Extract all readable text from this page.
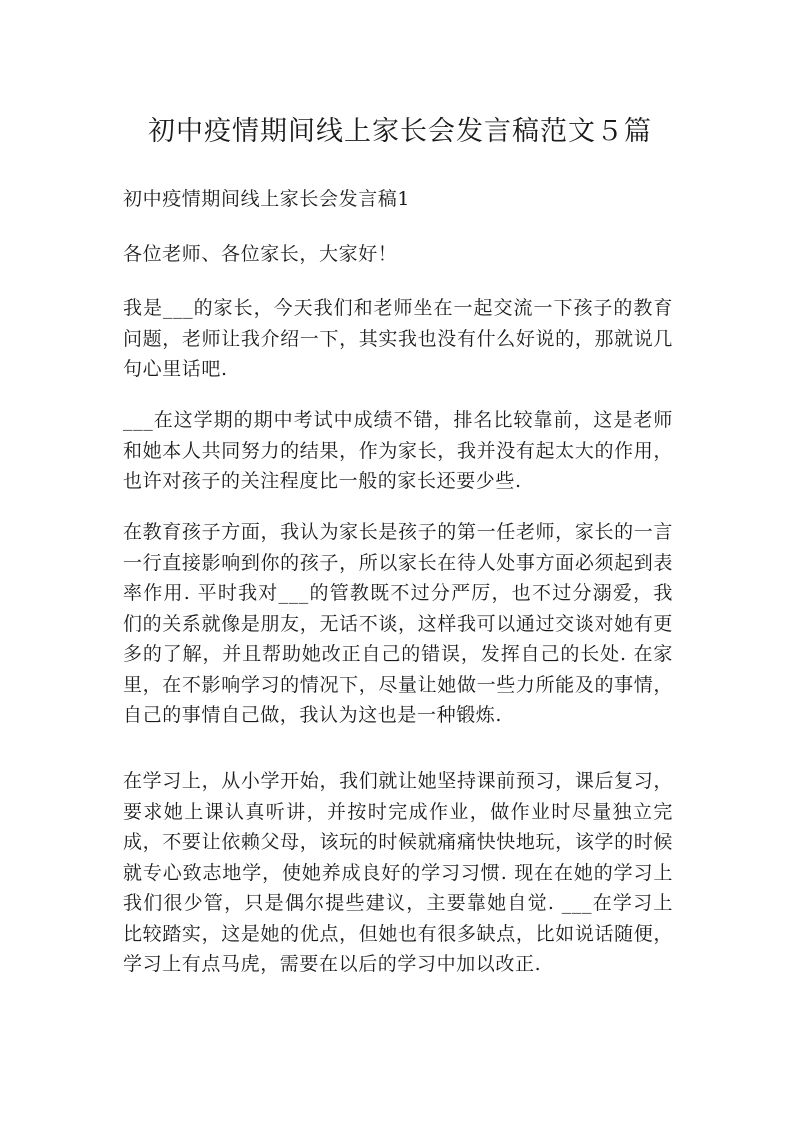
初中疫情期间线上家长会发言稿范文５篇

初中疫情期间线上家长会发言稿1

各位老师、各位家长，大家好！

我是___的家长，今天我们和老师坐在一起交流一下孩子的教育问题，老师让我介绍一下，其实我也没有什么好说的，那就说几句心里话吧.

___在这学期的期中考试中成绩不错，排名比较靠前，这是老师和她本人共同努力的结果，作为家长，我并没有起太大的作用，也许对孩子的关注程度比一般的家长还要少些.

在教育孩子方面，我认为家长是孩子的第一任老师，家长的一言一行直接影响到你的孩子，所以家长在待人处事方面必须起到表率作用. 平时我对___的管教既不过分严厉，也不过分溺爱，我们的关系就像是朋友，无话不谈，这样我可以通过交谈对她有更多的了解，并且帮助她改正自己的错误，发挥自己的长处. 在家里，在不影响学习的情况下，尽量让她做一些力所能及的事情，自己的事情自己做，我认为这也是一种锻炼.

在学习上，从小学开始，我们就让她坚持课前预习，课后复习，要求她上课认真听讲，并按时完成作业，做作业时尽量独立完成，不要让依赖父母，该玩的时候就痛痛快快地玩，该学的时候就专心致志地学，使她养成良好的学习习惯. 现在在她的学习上我们很少管，只是偶尔提些建议，主要靠她自觉. ___在学习上比较踏实，这是她的优点，但她也有很多缺点，比如说话随便，学习上有点马虎，需要在以后的学习中加以改正.
